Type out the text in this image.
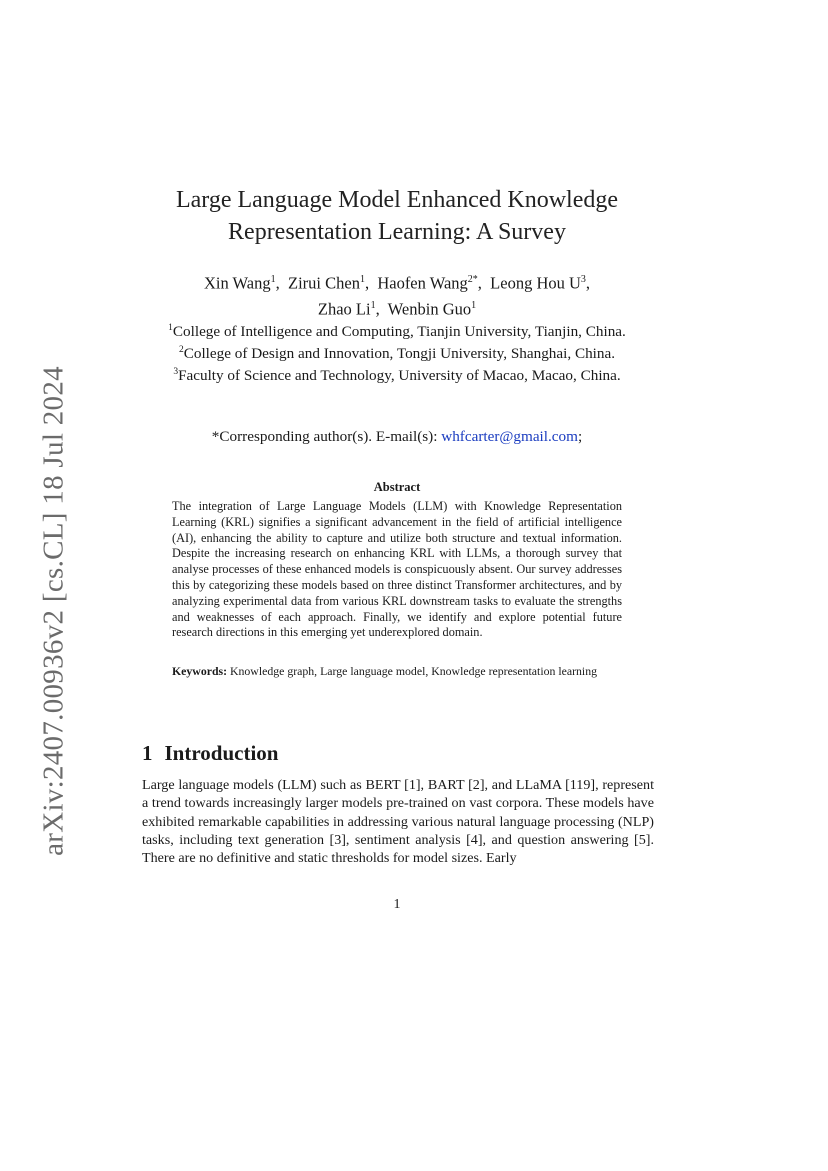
arXiv:2407.00936v2 [cs.CL] 18 Jul 2024
Large Language Model Enhanced Knowledge
Representation Learning: A Survey
Xin Wang$^1$,  Zirui Chen$^1$,  Haofen Wang$^{2*}$,  Leong Hou $U^3$,
Zhao Li$^1$,  Wenbin Guo$^1$
$^1$College of Intelligence and Computing, Tianjin University, Tianjin, China.
$^2$College of Design and Innovation, Tongji University, Shanghai, China.
$^3$Faculty of Science and Technology, University of Macao, Macao, China.
*Corresponding author(s). E-mail(s): whfcarter@gmail.com;
Abstract
The integration of Large Language Models (LLM) with Knowledge Representation Learning (KRL) signifies a significant advancement in the field of artificial intelligence (AI), enhancing the ability to capture and utilize both structure and textual information. Despite the increasing research on enhancing KRL with LLMs, a thorough survey that analyse processes of these enhanced models is conspicuously absent. Our survey addresses this by categorizing these models based on three distinct Transformer architectures, and by analyzing experimental data from various KRL downstream tasks to evaluate the strengths and weaknesses of each approach. Finally, we identify and explore potential future research directions in this emerging yet underexplored domain.
Keywords: Knowledge graph, Large language model, Knowledge representation learning
1 Introduction
Large language models (LLM) such as BERT [1], BART [2], and LLaMA [119], represent a trend towards increasingly larger models pre-trained on vast corpora. These models have exhibited remarkable capabilities in addressing various natural language processing (NLP) tasks, including text generation [3], sentiment analysis [4], and question answering [5]. There are no definitive and static thresholds for model sizes. Early
1
